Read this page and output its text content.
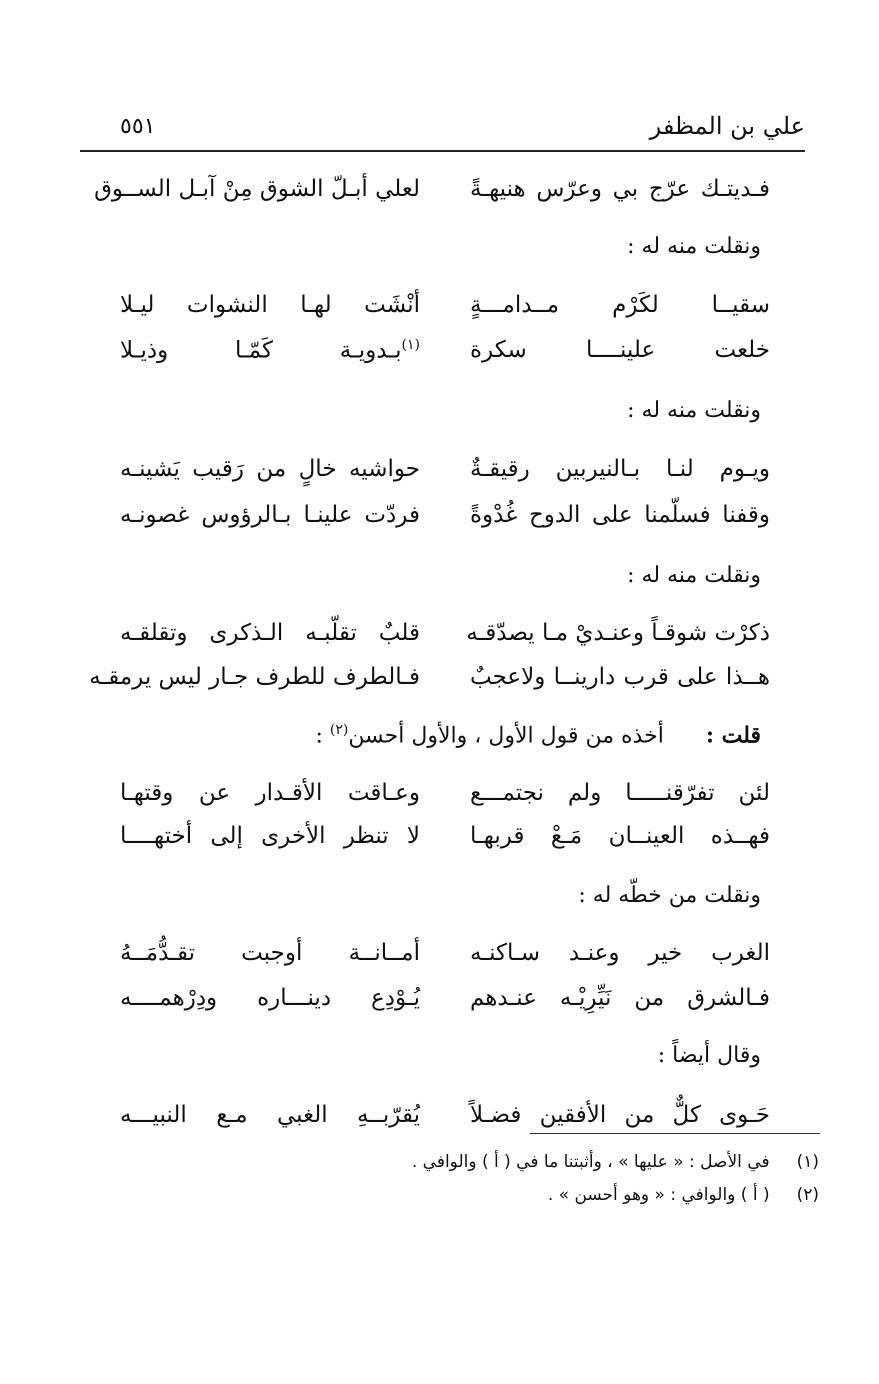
علي بن المظفر
٥٥١
فـديتـك عرّج بي وعرّس هنيهـةً
لعلي أبـلّ الشوق مِنْ آبـل الســوق
ونقلت منه له :
سقيــا لكَرْم مــدامـــةٍ
أنْشَت لهـا النشوات ليـلا
خلعت علينــــا سكرة
$^{(١)}$بـدويـة كَمّـا وذيـلا
ونقلت منه له :
ويـوم لنـا بـالنيربين رقيقـةٌ
حواشيه خالٍ من رَقيب يَشينـه
وقفنا فسلّمنا على الدوح غُدْوةً
فردّت علينـا بـالرؤوس غصونـه
ونقلت منه له :
ذكرْت شوقـاً وعنـديْ مـا يصدّقـه
قلبٌ تقلّبـه الـذكرى وتقلقـه
هــذا على قرب دارينــا ولاعجبٌ
فـالطرف للطرف جـار ليس يرمقـه
قلت :  أخذه من قول الأول ، والأول أحسن$^{(٢)}$ :
لئن تفرّقنـــــا ولم نجتمـــع
وعـاقت الأقـدار عن وقتهـا
فهــذه العينــان مَـعْ قربهـا
لا تنظر الأخرى إلى أختهــــا
ونقلت من خطّه له :
الغرب خير وعنـد سـاكنـه
أمــانــة أوجبت تقـدُّمَــهُ
فـالشرق من نَيِّرِيْـه عنـدهم
يُـوْدِع دينـــاره ودِرْهمــــه
وقال أيضاً :
حَـوى كلٌّ من الأفقين فضـلاً
يُقرّبــهِ الغبي مـع النبيـــه
(١) في الأصل : « عليها » ، وأثبتنا ما في ( أ ) والوافي .
(٢) ( أ ) والوافي : « وهو أحسن » .
